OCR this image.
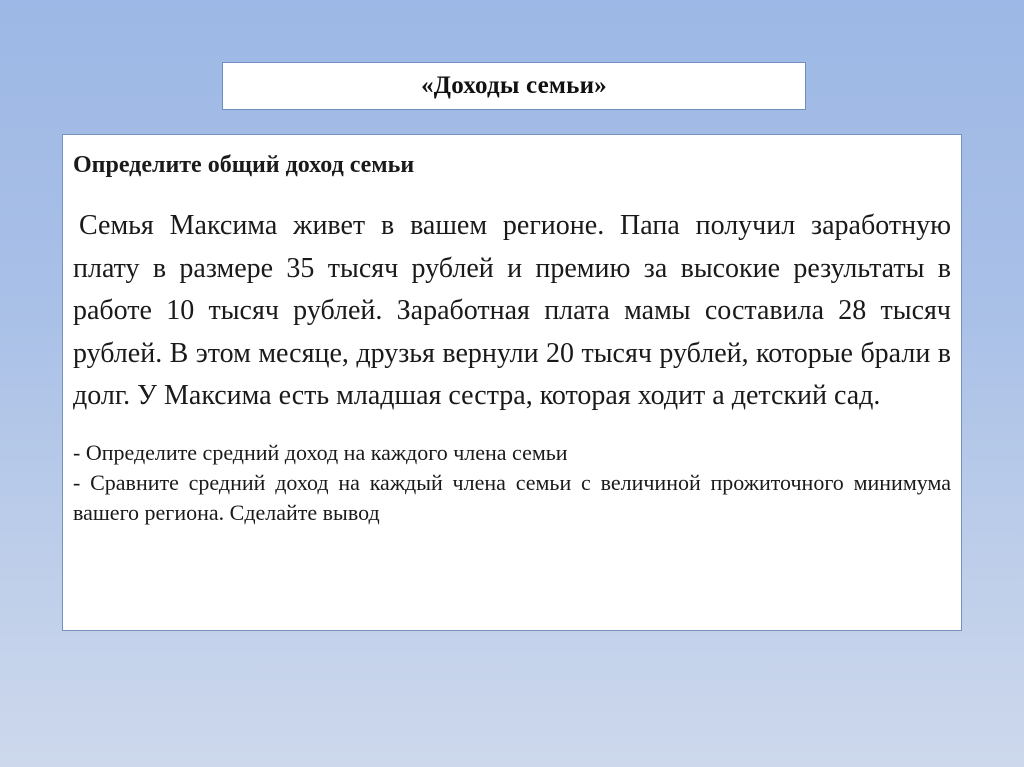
«Доходы семьи»

Определите общий доход семьи

Семья Максима живет в вашем регионе. Папа получил заработную плату в размере 35 тысяч рублей и премию за высокие результаты в работе 10 тысяч рублей. Заработная плата мамы составила 28 тысяч рублей. В этом месяце, друзья вернули 20 тысяч рублей, которые брали в долг. У Максима есть младшая сестра, которая ходит а детский сад.

- Определите средний доход на каждого члена семьи

- Сравните средний доход на каждый члена семьи с величиной прожиточного минимума вашего региона. Сделайте вывод
